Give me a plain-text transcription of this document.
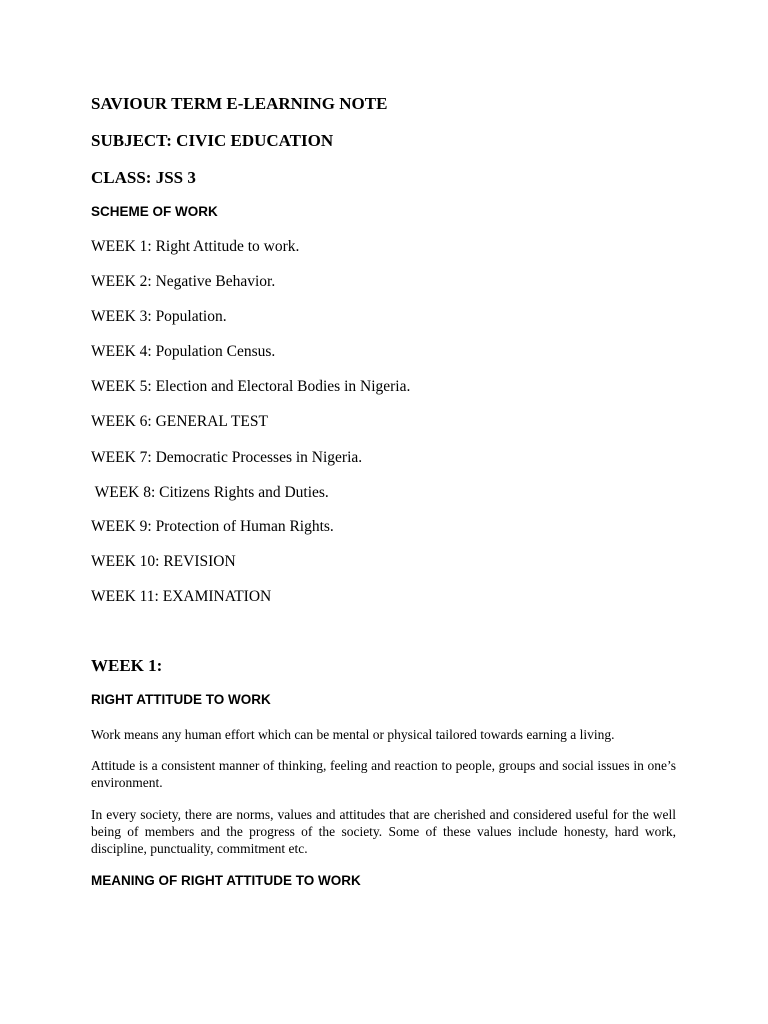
SAVIOUR TERM E-LEARNING NOTE

SUBJECT: CIVIC EDUCATION

CLASS: JSS 3

SCHEME OF WORK

WEEK 1: Right Attitude to work.

WEEK 2: Negative Behavior.

WEEK 3: Population.

WEEK 4: Population Census.

WEEK 5: Election and Electoral Bodies in Nigeria.

WEEK 6: GENERAL TEST

WEEK 7: Democratic Processes in Nigeria.

WEEK 8: Citizens Rights and Duties.

WEEK 9: Protection of Human Rights.

WEEK 10: REVISION

WEEK 11: EXAMINATION

WEEK 1:

RIGHT ATTITUDE TO WORK

Work means any human effort which can be mental or physical tailored towards earning a living.

Attitude is a consistent manner of thinking, feeling and reaction to people, groups and social issues in one’s environment.

In every society, there are norms, values and attitudes that are cherished and considered useful for the well being of members and the progress of the society. Some of these values include honesty, hard work, discipline, punctuality, commitment etc.

MEANING OF RIGHT ATTITUDE TO WORK
